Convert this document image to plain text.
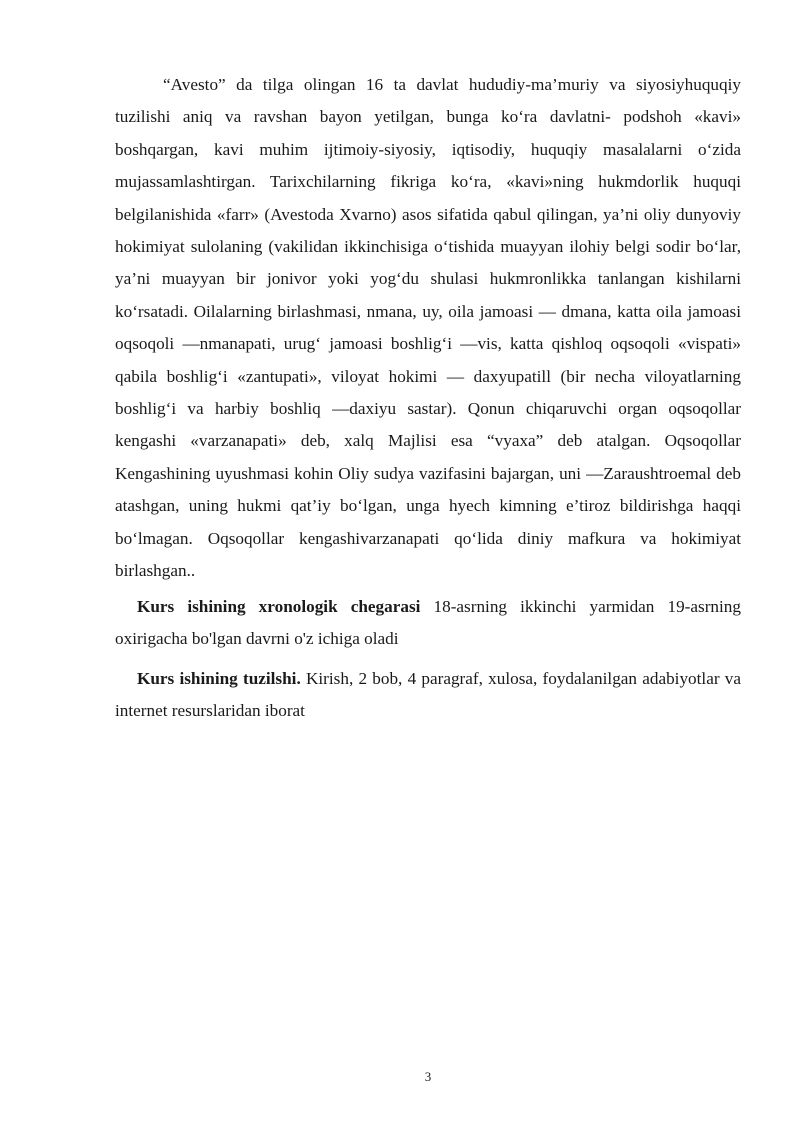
“Avesto” da tilga olingan 16 ta davlat hududiy-ma’muriy va siyosiyhuquqiy tuzilishi aniq va ravshan bayon yetilgan, bunga koʻra davlatni- podshoh «kavi» boshqargan, kavi muhim ijtimoiy-siyosiy, iqtisodiy, huquqiy masalalarni oʻzida mujassamlashtirgan. Tarixchilarning fikriga koʻra, «kavi»ning hukmdorlik huquqi belgilanishida «farr» (Avestoda Xvarno) asos sifatida qabul qilingan, ya’ni oliy dunyoviy hokimiyat sulolaning (vakilidan ikkinchisiga oʻtishida muayyan ilohiy belgi sodir boʻlar, ya’ni muayyan bir jonivor yoki yogʻdu shulasi hukmronlikka tanlangan kishilarni koʻrsatadi. Oilalarning birlashmasi, nmana, uy, oila jamoasi — dmana, katta oila jamoasi oqsoqoli —nmanapati, urugʻ jamoasi boshligʻi —vis, katta qishloq oqsoqoli «vispati» qabila boshligʻi «zantupati», viloyat hokimi — daxyupatill (bir necha viloyatlarning boshligʻi va harbiy boshliq —daxiyu sastar). Qonun chiqaruvchi organ oqsoqollar kengashi «varzanapati» deb, xalq Majlisi esa “vyaxa” deb atalgan. Oqsoqollar Kengashining uyushmasi kohin Oliy sudya vazifasini bajargan, uni —Zaraushtroemal deb atashgan, uning hukmi qat’iy boʻlgan, unga hyech kimning e’tiroz bildirishga haqqi boʻlmagan. Oqsoqollar kengashivarzanapati qoʻlida diniy mafkura va hokimiyat birlashgan..

Kurs ishining xronologik chegarasi 18-asrning ikkinchi yarmidan 19-asrning oxirigacha bo'lgan davrni o'z ichiga oladi

Kurs ishining tuzilshi. Kirish, 2 bob, 4 paragraf, xulosa, foydalanilgan adabiyotlar va internet resurslaridan iborat

3
